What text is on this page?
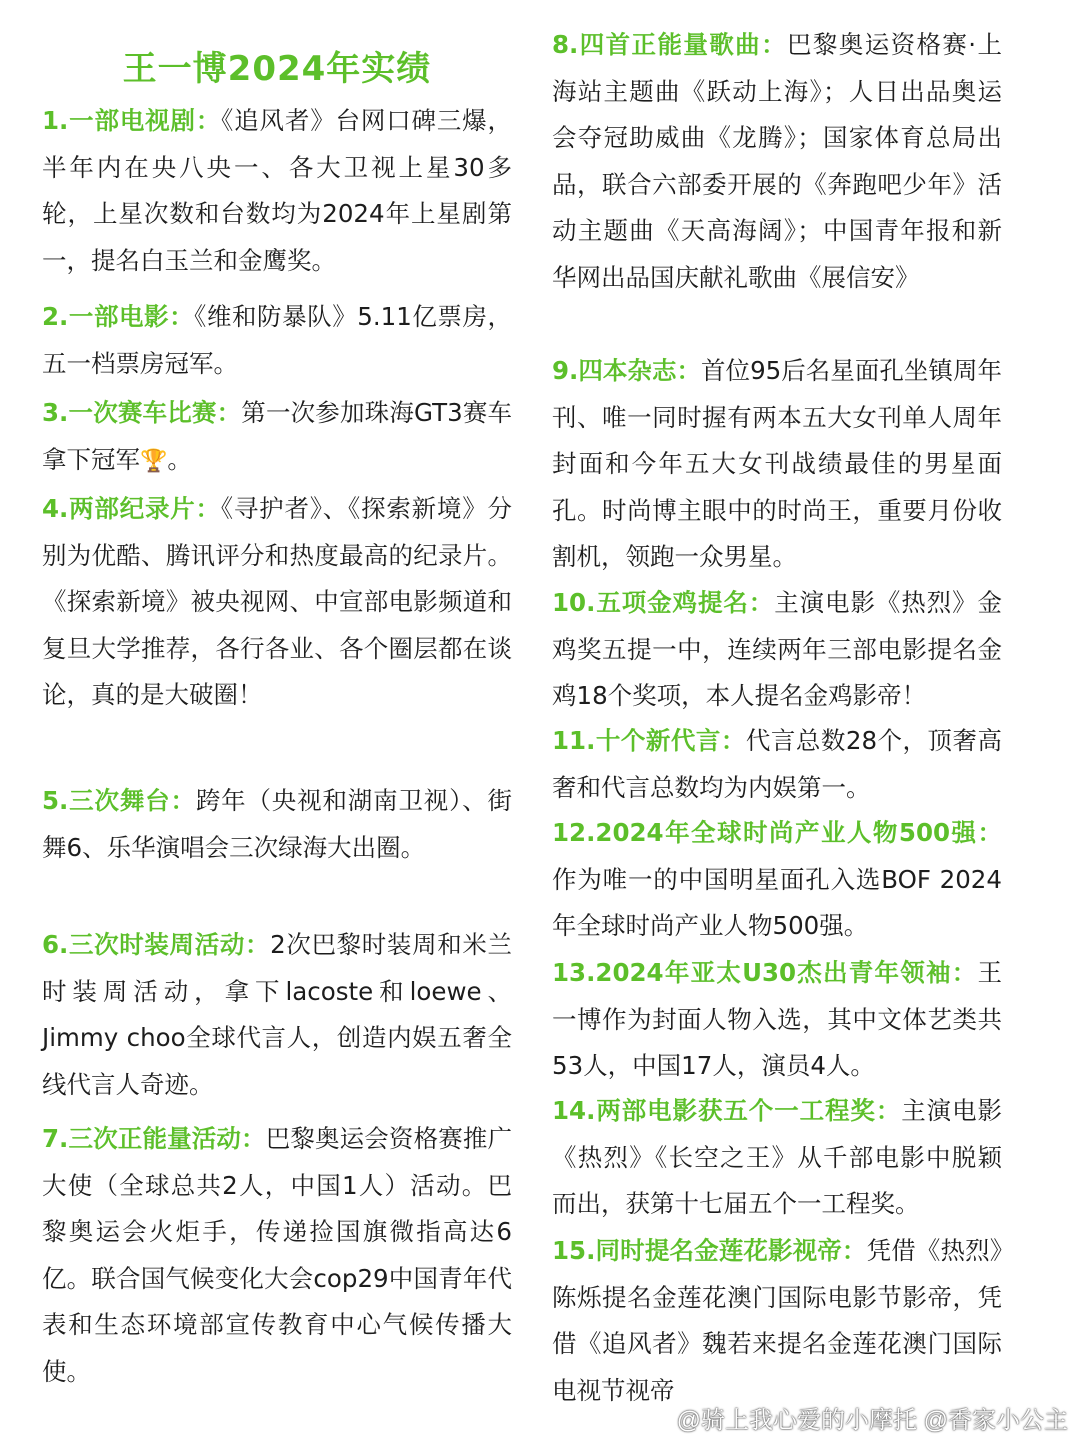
王一博2024年实绩
1.一部电视剧：《追风者》台网口碑三爆，半年内在央八央一、各大卫视上星30多轮，上星次数和台数均为2024年上星剧第一，提名白玉兰和金鹰奖。
2.一部电影：《维和防暴队》5.11亿票房，五一档票房冠军。
3.一次赛车比赛：第一次参加珠海GT3赛车拿下冠军🏆。
4.两部纪录片：《寻护者》、《探索新境》分别为优酷、腾讯评分和热度最高的纪录片。《探索新境》被央视网、中宣部电影频道和复旦大学推荐，各行各业、各个圈层都在谈论，真的是大破圈！
5.三次舞台：跨年（央视和湖南卫视）、街舞6、乐华演唱会三次绿海大出圈。
6.三次时装周活动：2次巴黎时装周和米兰时装周活动，拿下lacoste和loewe、Jimmy choo全球代言人，创造内娱五奢全线代言人奇迹。
7.三次正能量活动：巴黎奥运会资格赛推广大使（全球总共2人，中国1人）活动。巴黎奥运会火炬手，传递捡国旗微指高达6亿。联合国气候变化大会cop29中国青年代表和生态环境部宣传教育中心气候传播大使。
8.四首正能量歌曲：巴黎奥运资格赛·上海站主题曲《跃动上海》；人日出品奥运会夺冠助威曲《龙腾》；国家体育总局出品，联合六部委开展的《奔跑吧少年》活动主题曲《天高海阔》；中国青年报和新华网出品国庆献礼歌曲《展信安》
9.四本杂志：首位95后名星面孔坐镇周年刊、唯一同时握有两本五大女刊单人周年封面和今年五大女刊战绩最佳的男星面孔。时尚博主眼中的时尚王，重要月份收割机，领跑一众男星。
10.五项金鸡提名：主演电影《热烈》金鸡奖五提一中，连续两年三部电影提名金鸡18个奖项，本人提名金鸡影帝！
11.十个新代言：代言总数28个，顶奢高奢和代言总数均为内娱第一。
12.2024年全球时尚产业人物500强：作为唯一的中国明星面孔入选BOF 2024年全球时尚产业人物500强。
13.2024年亚太U30杰出青年领袖：王一博作为封面人物入选，其中文体艺类共53人，中国17人，演员4人。
14.两部电影获五个一工程奖：主演电影《热烈》《长空之王》从千部电影中脱颖而出，获第十七届五个一工程奖。
15.同时提名金莲花影视帝：凭借《热烈》陈烁提名金莲花澳门国际电影节影帝，凭借《追风者》魏若来提名金莲花澳门国际电视节视帝
@骑上我心爱的小摩托 @香家小公主
